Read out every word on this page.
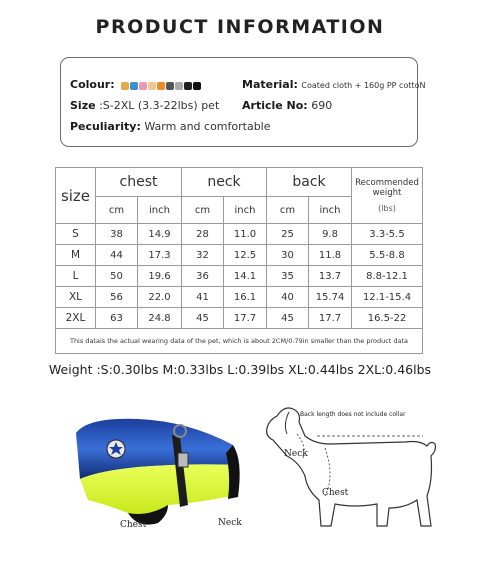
PRODUCT INFORMATION
Colour:	Material: Coated cloth + 160g PP cottoN
Size :S-2XL (3.3-22lbs) pet Article No: 690
Peculiarity: Warm and comfortable
size	chest		neck		back		Recommended
weight
(lbs)

	cm	inch	cm	inch	cm	inch	
S	38	14.9	28	11.0	25	9.8	3.3-5.5
M	44	17.3	32	12.5	30	11.8	5.5-8.8
L	50	19.6	36	14.1	35	13.7	8.8-12.1
XL	56	22.0	41	16.1	40	15.74	12.1-15.4
2XL	63	24.8	45	17.7	45	17.7	16.5-22
This datais the actual wearing data of the pet, which is about 2CM/0.79in smaller than the product data							
Weight :S:0.30lbs M:0.33lbs L:0.39lbs XL:0.44lbs 2XL:0.46lbs
Chest	Neck
Back length does not include collar
Neck
Chest
